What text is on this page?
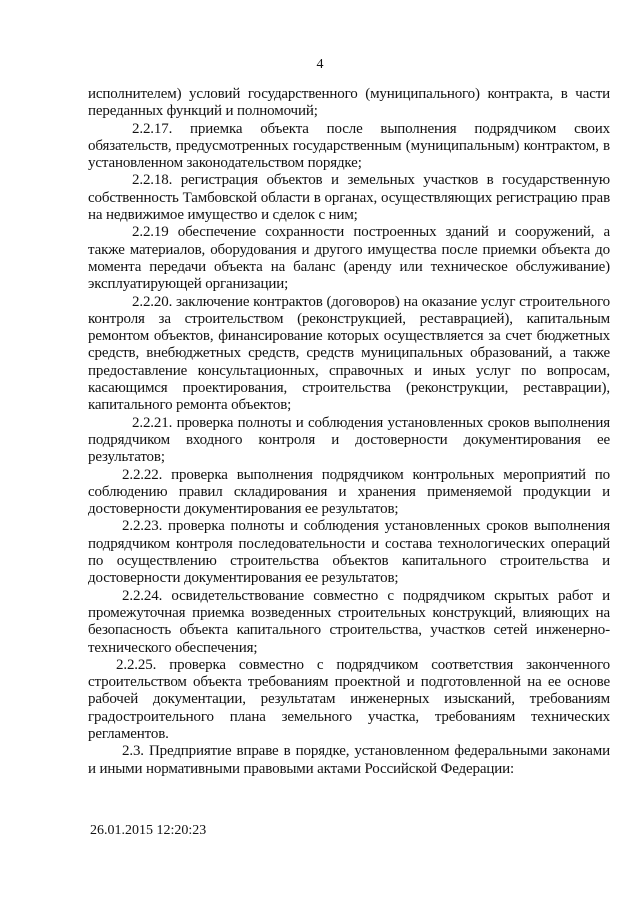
4

исполнителем) условий государственного (муниципального) контракта, в части переданных функций и полномочий;

2.2.17. приемка объекта после выполнения подрядчиком своих обязательств, предусмотренных государственным (муниципальным) контрактом, в установленном законодательством порядке;

2.2.18. регистрация объектов и земельных участков в государственную собственность Тамбовской области в органах, осуществляющих регистрацию прав на недвижимое имущество и сделок с ним;

2.2.19 обеспечение сохранности построенных зданий и сооружений, а также материалов, оборудования и другого имущества после приемки объекта до момента передачи объекта на баланс (аренду или техническое обслуживание) эксплуатирующей организации;

2.2.20. заключение контрактов (договоров) на оказание услуг строительного контроля за строительством (реконструкцией, реставрацией), капитальным ремонтом объектов, финансирование которых осуществляется за счет бюджетных средств, внебюджетных средств, средств муниципальных образований, а также предоставление консультационных, справочных и иных услуг по вопросам, касающимся проектирования, строительства (реконструкции, реставрации), капитального ремонта объектов;

2.2.21. проверка полноты и соблюдения установленных сроков выполнения подрядчиком входного контроля и достоверности документирования ее результатов;

2.2.22. проверка выполнения подрядчиком контрольных мероприятий по соблюдению правил складирования и хранения применяемой продукции и достоверности документирования ее результатов;

2.2.23. проверка полноты и соблюдения установленных сроков выполнения подрядчиком контроля последовательности и состава технологических операций по осуществлению строительства объектов капитального строительства и достоверности документирования ее результатов;

2.2.24. освидетельствование совместно с подрядчиком скрытых работ и промежуточная приемка возведенных строительных конструкций, влияющих на безопасность объекта капитального строительства, участков сетей инженерно-технического обеспечения;

2.2.25. проверка совместно с подрядчиком соответствия законченного строительством объекта требованиям проектной и подготовленной на ее основе рабочей документации, результатам инженерных изысканий, требованиям градостроительного плана земельного участка, требованиям технических регламентов.

2.3. Предприятие вправе в порядке, установленном федеральными законами и иными нормативными правовыми актами Российской Федерации:

26.01.2015 12:20:23
